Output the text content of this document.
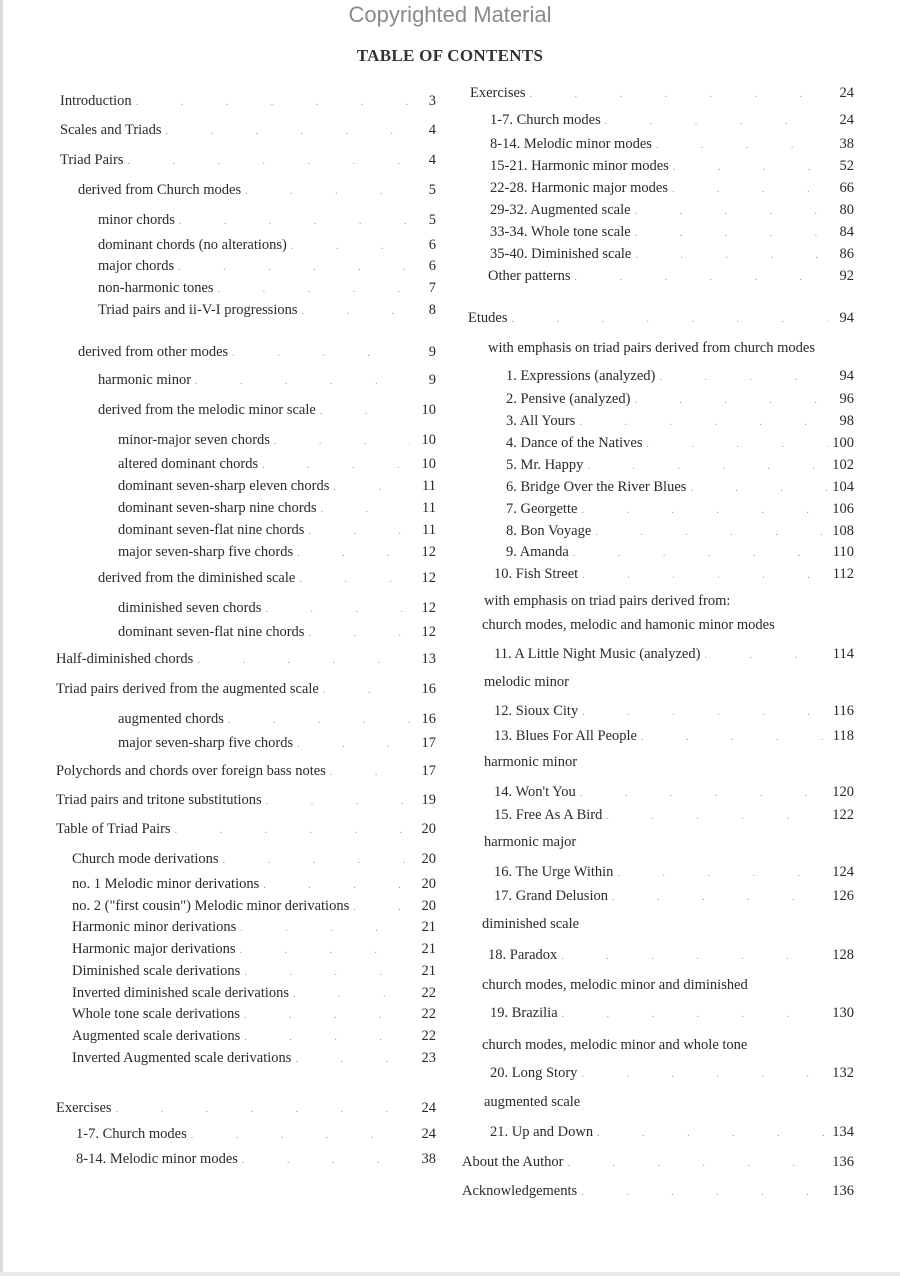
Copyrighted Material
TABLE OF CONTENTS
Introduction . . .	3
Scales and Triads . . .	4
Triad Pairs . . .	4
derived from Church modes . . .	5
minor chords . . .	5
dominant chords (no alterations) . . .	6
major chords . . .	6
non-harmonic tones . . .	7
Triad pairs and ii-V-I progressions . . .	8
derived from other modes . . .	9
harmonic minor . . .	9
derived from the melodic minor scale . . .	10
minor-major seven chords . . .	10
altered dominant chords . . .	10
dominant seven-sharp eleven chords . . .	11
dominant seven-sharp nine chords . . .	11
dominant seven-flat nine chords . . .	11
major seven-sharp five chords . . .	12
derived from the diminished scale . . .	12
diminished seven chords . . .	12
dominant seven-flat nine chords . . .	12
Half-diminished chords . . .	13
Triad pairs derived from the augmented scale . . .	16
augmented chords . . .	16
major seven-sharp five chords . . .	17
Polychords and chords over foreign bass notes . . .	17
Triad pairs and tritone substitutions . . .	19
Table of Triad Pairs . . .	20
Church mode derivations . . .	20
no. 1 Melodic minor derivations . . .	20
no. 2 ("first cousin") Melodic minor derivations . . .	20
Harmonic minor derivations . . .	21
Harmonic major derivations . . .	21
Diminished scale derivations . . .	21
Inverted diminished scale derivations . . .	22
Whole tone scale derivations . . .	22
Augmented scale derivations . . .	22
Inverted Augmented scale derivations . . .	23
Exercises . . .	24
1-7. Church modes . . .	24
8-14. Melodic minor modes . . .	38
Exercises . . .	24
1-7. Church modes . . .	24
8-14. Melodic minor modes . . .	38
15-21. Harmonic minor modes . . .	52
22-28. Harmonic major modes . . .	66
29-32. Augmented scale . . .	80
33-34. Whole tone scale . . .	84
35-40. Diminished scale . . .	86
Other patterns . . .	92
Etudes . . .	94
1. Expressions (analyzed) . . .	94
2. Pensive (analyzed) . . .	96
3. All Yours . . .	98
4. Dance of the Natives . . .	100
5. Mr. Happy . . .	102
6. Bridge Over the River Blues . . .	104
7. Georgette . . .	106
8. Bon Voyage . . .	108
9. Amanda . . .	110
10. Fish Street . . .	112
11. A Little Night Music (analyzed) . . .	114
12. Sioux City . . .	116
13. Blues For All People . . .	118
14. Won't You . . .	120
15. Free As A Bird . . .	122
16. The Urge Within . . .	124
17. Grand Delusion . . .	126
18. Paradox . . .	128
19. Brazilia . . .	130
20. Long Story . . .	132
21. Up and Down . . .	134
About the Author . . .	136
Acknowledgements . . .	136
with emphasis on triad pairs derived from church modes
with emphasis on triad pairs derived from:
church modes, melodic and hamonic minor modes
melodic minor
harmonic minor
harmonic major
diminished scale
church modes, melodic minor and diminished
church modes, melodic minor and whole tone
augmented scale
